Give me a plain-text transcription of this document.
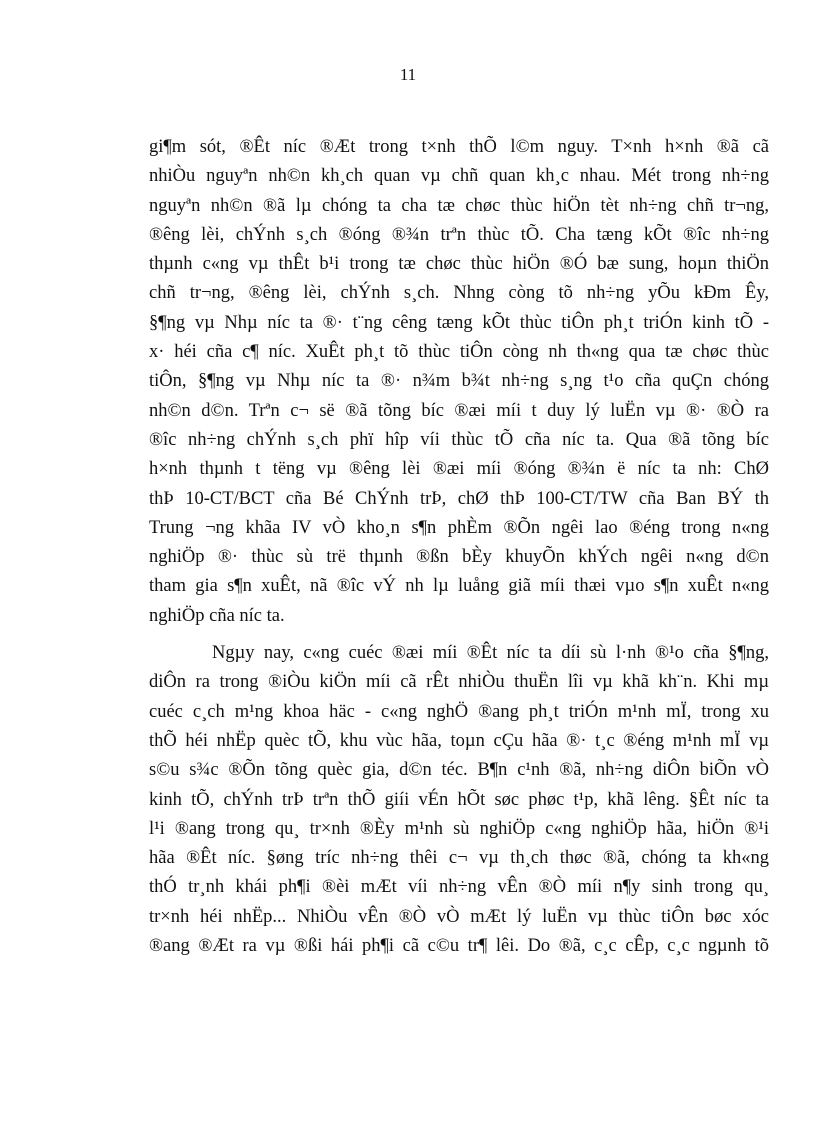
11
gi¶m sót, ®Êt níc ®Æt trong t×nh thÕ l©m nguy. T×nh h×nh ®ã cã
nhiÒu nguyªn nh©n kh¸ch quan vµ chñ quan kh¸c nhau. Mét trong nh÷ng
nguyªn nh©n ®ã lµ chóng ta cha tæ chøc thùc hiÖn tèt nh÷ng chñ tr¬ng,
®êng lèi, chÝnh s¸ch ®óng ®¾n trªn thùc tÕ. Cha tæng kÕt ®îc nh÷ng
thµnh c«ng vµ thÊt b¹i trong tæ chøc thùc hiÖn ®Ó bæ sung, hoµn thiÖn
chñ tr¬ng, ®êng lèi, chÝnh s¸ch. Nhng còng tõ nh÷ng yÕu kÐm Êy,
§¶ng vµ Nhµ níc ta ®· t¨ng cêng tæng kÕt thùc tiÔn ph¸t triÓn kinh tÕ -
x· héi cña c¶ níc. XuÊt ph¸t tõ thùc tiÔn còng nh th«ng qua tæ chøc thùc
tiÔn, §¶ng vµ Nhµ níc ta ®· n¾m b¾t nh÷ng s¸ng t¹o cña quÇn chóng
nh©n d©n. Trªn c¬ së ®ã tõng bíc ®æi míi t duy lý luËn vµ ®· ®Ò ra
®îc nh÷ng chÝnh s¸ch phï hîp víi thùc tÕ cña níc ta. Qua ®ã tõng bíc
h×nh thµnh t tëng vµ ®êng lèi ®æi míi ®óng ®¾n ë níc ta nh: ChØ
thÞ 10-CT/BCT cña Bé ChÝnh trÞ, chØ thÞ 100-CT/TW cña Ban BÝ th
Trung ¬ng khãa IV vÒ kho¸n s¶n phÈm ®Õn ngêi lao ®éng trong n«ng
nghiÖp ®· thùc sù trë thµnh ®ßn bÈy khuyÕn khÝch ngêi n«ng d©n
tham gia s¶n xuÊt, nã ®îc vÝ nh lµ luång giã míi thæi vµo s¶n xuÊt n«ng
nghiÖp cña níc ta.
Ngµy nay, c«ng cuéc ®æi míi ®Êt níc ta díi sù l·nh ®¹o cña §¶ng,
diÔn ra trong ®iÒu kiÖn míi cã rÊt nhiÒu thuËn lîi vµ khã kh¨n. Khi mµ
cuéc c¸ch m¹ng khoa häc - c«ng nghÖ ®ang ph¸t triÓn m¹nh mÏ, trong xu
thÕ héi nhËp quèc tÕ, khu vùc hãa, toµn cÇu hãa ®· t¸c ®éng m¹nh mÏ vµ
s©u s¾c ®Õn tõng quèc gia, d©n téc. B¶n c¹nh ®ã, nh÷ng diÔn biÕn vÒ
kinh tÕ, chÝnh trÞ trªn thÕ giíi vÉn hÕt søc phøc t¹p, khã lêng. §Êt níc ta
l¹i ®ang trong qu¸ tr×nh ®Èy m¹nh sù nghiÖp c«ng nghiÖp hãa, hiÖn ®¹i
hãa ®Êt níc. §øng tríc nh÷ng thêi c¬ vµ th¸ch thøc ®ã, chóng ta kh«ng
thÓ tr¸nh khái ph¶i ®èi mÆt víi nh÷ng vÊn ®Ò míi n¶y sinh trong qu¸
tr×nh héi nhËp... NhiÒu vÊn ®Ò vÒ mÆt lý luËn vµ thùc tiÔn bøc xóc
®ang ®Æt ra vµ ®ßi hái ph¶i cã c©u tr¶ lêi. Do ®ã, c¸c cÊp, c¸c ngµnh tõ
